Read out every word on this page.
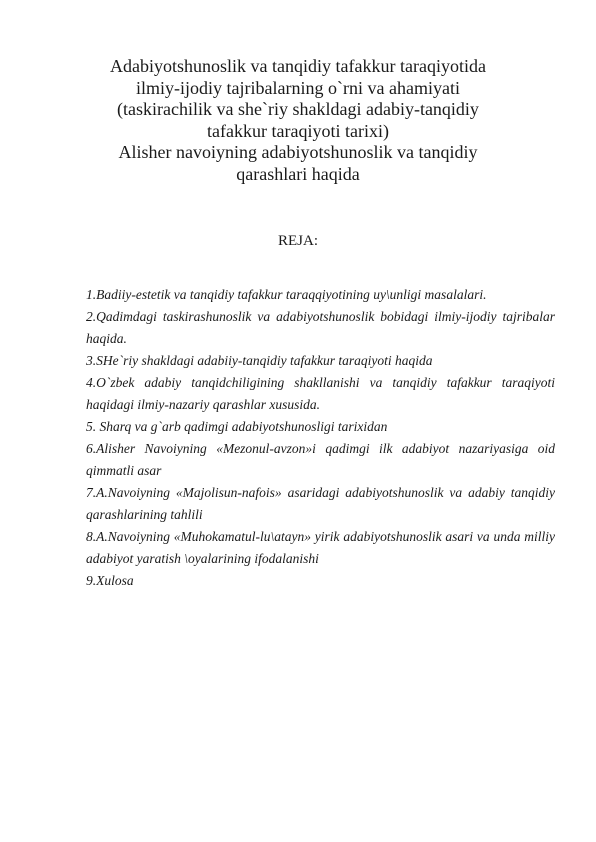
Adabiyotshunoslik va tanqidiy tafakkur taraqiyotida
ilmiy-ijodiy tajribalarning o`rni va ahamiyati
(taskirachilik va she`riy shakldagi adabiy-tanqidiy
tafakkur taraqiyoti tarixi)
Alisher navoiyning adabiyotshunoslik va tanqidiy
qarashlari haqida
REJA:
1.Badiiy-estetik va tanqidiy tafakkur taraqqiyotining uy\unligi masalalari.
2.Qadimdagi taskirashunoslik va adabiyotshunoslik bobidagi ilmiy-ijodiy tajribalar haqida.
3.SHe`riy shakldagi adabiiy-tanqidiy tafakkur taraqiyoti haqida
4.O`zbek adabiy tanqidchiligining shakllanishi va tanqidiy tafakkur taraqiyoti haqidagi ilmiy-nazariy qarashlar xususida.
5. Sharq va g`arb qadimgi adabiyotshunosligi tarixidan
6.Alisher Navoiyning «Mezonul-avzon»i qadimgi ilk adabiyot nazariyasiga oid qimmatli asar
7.A.Navoiyning «Majolisun-nafois» asaridagi adabiyotshunoslik va adabiy tanqidiy qarashlarining tahlili
8.A.Navoiyning «Muhokamatul-lu\atayn» yirik adabiyotshunoslik asari va unda milliy adabiyot yaratish \oyalarining ifodalanishi
9.Xulosa
